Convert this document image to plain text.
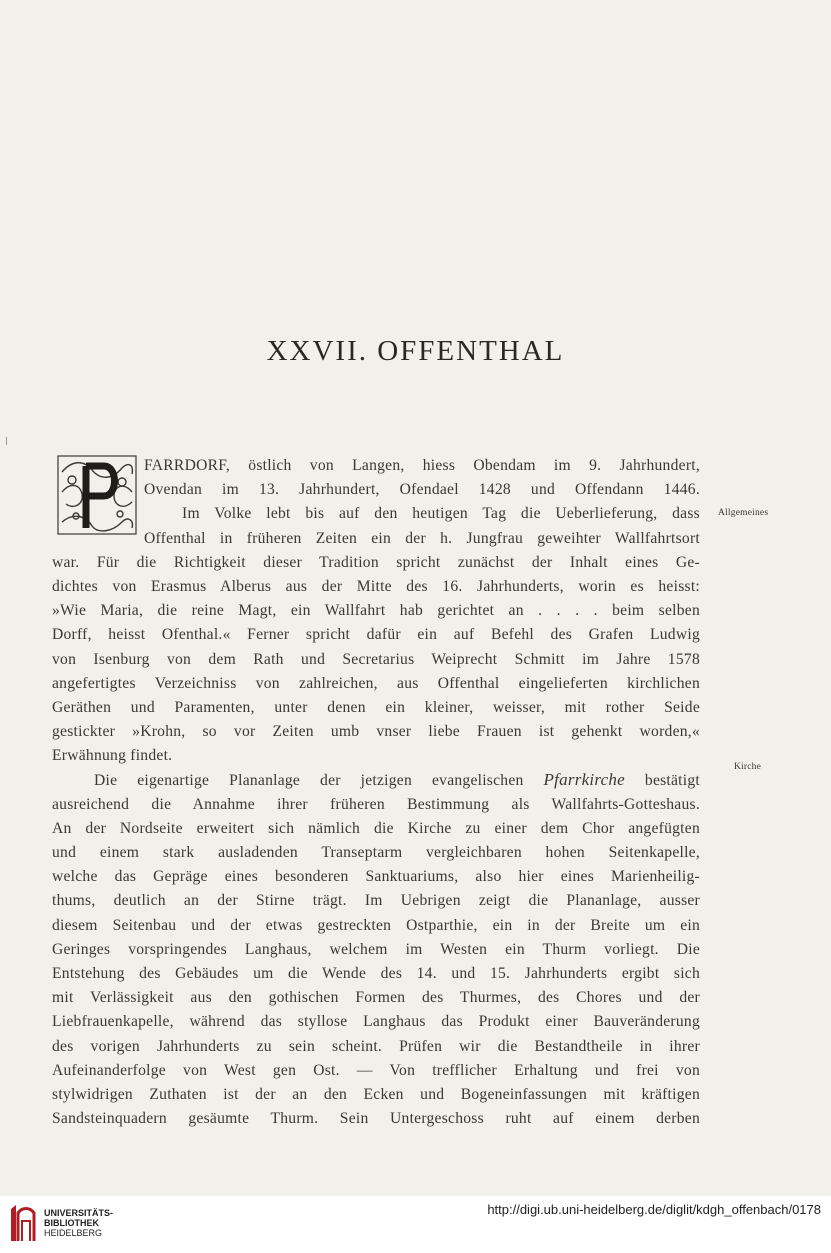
XXVII. OFFENTHAL
Allgemeines
Kirche
FARRDORF, östlich von Langen, hiess Obendam im 9. Jahrhundert,
Ovendan im 13. Jahrhundert, Ofendael 1428 und Offendann 1446.
Im Volke lebt bis auf den heutigen Tag die Ueberlieferung, dass
Offenthal in früheren Zeiten ein der h. Jungfrau geweihter Wallfahrtsort
war. Für die Richtigkeit dieser Tradition spricht zunächst der Inhalt eines Ge-
dichtes von Erasmus Alberus aus der Mitte des 16. Jahrhunderts, worin es heisst:
»Wie Maria, die reine Magt, ein Wallfahrt hab gerichtet an . . . . beim selben
Dorff, heisst Ofenthal.« Ferner spricht dafür ein auf Befehl des Grafen Ludwig
von Isenburg von dem Rath und Secretarius Weiprecht Schmitt im Jahre 1578
angefertigtes Verzeichniss von zahlreichen, aus Offenthal eingelieferten kirchlichen
Geräthen und Paramenten, unter denen ein kleiner, weisser, mit rother Seide
gestickter »Krohn, so vor Zeiten umb vnser liebe Frauen ist gehenkt worden,«
Erwähnung findet.
Die eigenartige Plananlage der jetzigen evangelischen Pfarrkirche bestätigt
ausreichend die Annahme ihrer früheren Bestimmung als Wallfahrts-Gotteshaus.
An der Nordseite erweitert sich nämlich die Kirche zu einer dem Chor angefügten
und einem stark ausladenden Transeptarm vergleichbaren hohen Seitenkapelle,
welche das Gepräge eines besonderen Sanktuariums, also hier eines Marienheilig-
thums, deutlich an der Stirne trägt. Im Uebrigen zeigt die Plananlage, ausser
diesem Seitenbau und der etwas gestreckten Ostparthie, ein in der Breite um ein
Geringes vorspringendes Langhaus, welchem im Westen ein Thurm vorliegt. Die
Entstehung des Gebäudes um die Wende des 14. und 15. Jahrhunderts ergibt sich
mit Verlässigkeit aus den gothischen Formen des Thurmes, des Chores und der
Liebfrauenkapelle, während das styllose Langhaus das Produkt einer Bauveränderung
des vorigen Jahrhunderts zu sein scheint. Prüfen wir die Bestandtheile in ihrer
Aufeinanderfolge von West gen Ost. — Von trefflicher Erhaltung und frei von
stylwidrigen Zuthaten ist der an den Ecken und Bogeneinfassungen mit kräftigen
Sandsteinquadern gesäumte Thurm. Sein Untergeschoss ruht auf einem derben
UNIVERSITÄTS-
BIBLIOTHEK
HEIDELBERG
http://digi.ub.uni-heidelberg.de/diglit/kdgh_offenbach/0178
